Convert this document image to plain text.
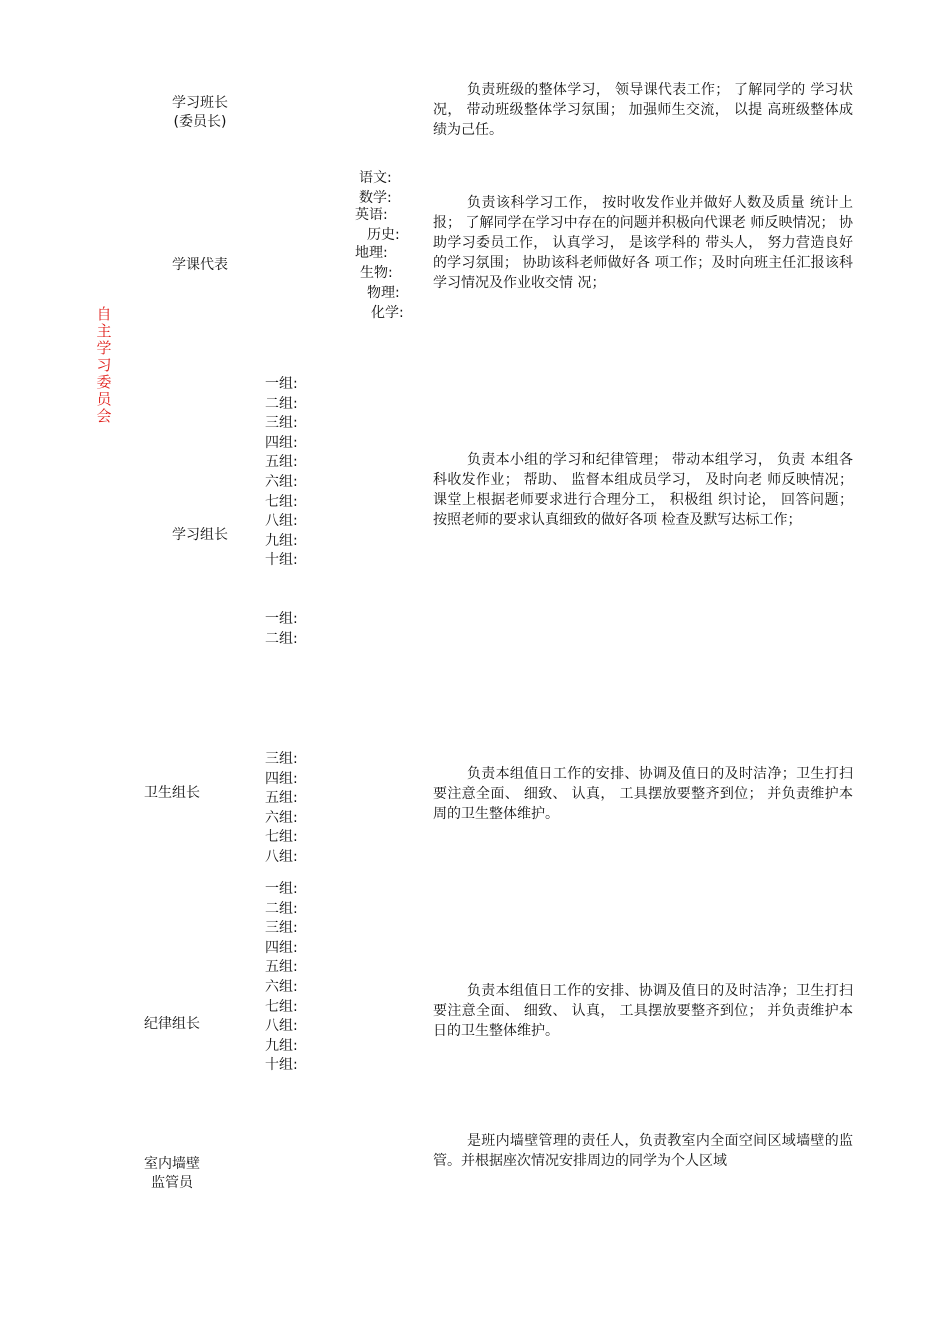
自主学习委员会
学习班长
(委员长)
负责班级的整体学习， 领导课代表工作； 了解同学的 学习状况， 带动班级整体学习氛围； 加强师生交流， 以提 高班级整体成绩为己任。
学课代表
语文:
数学:
英语:
历史:
地理:
生物:
物理:
化学:
负责该科学习工作， 按时收发作业并做好人数及质量 统计上报； 了解同学在学习中存在的问题并积极向代课老 师反映情况； 协助学习委员工作， 认真学习， 是该学科的 带头人， 努力营造良好的学习氛围； 协助该科老师做好各 项工作；及时向班主任汇报该科学习情况及作业收交情 况；
一组:
二组:
三组:
四组:
五组:
六组:
七组:
八组:
九组:
十组:
学习组长
负责本小组的学习和纪律管理； 带动本组学习， 负责 本组各科收发作业； 帮助、 监督本组成员学习， 及时向老 师反映情况； 课堂上根据老师要求进行合理分工， 积极组 织讨论， 回答问题； 按照老师的要求认真细致的做好各项 检查及默写达标工作；
一组:
二组:
三组:
四组:
五组:
六组:
七组:
八组:
卫生组长
负责本组值日工作的安排、协调及值日的及时洁净；卫生打扫要注意全面、 细致、 认真， 工具摆放要整齐到位； 并负责维护本周的卫生整体维护。
一组:
二组:
三组:
四组:
五组:
六组:
七组:
八组:
九组:
十组:
纪律组长
负责本组值日工作的安排、协调及值日的及时洁净；卫生打扫要注意全面、 细致、 认真， 工具摆放要整齐到位； 并负责维护本日的卫生整体维护。
室内墙壁
监管员
是班内墙壁管理的责任人，负责教室内全面空间区域墙壁的监管。并根据座次情况安排周边的同学为个人区域
